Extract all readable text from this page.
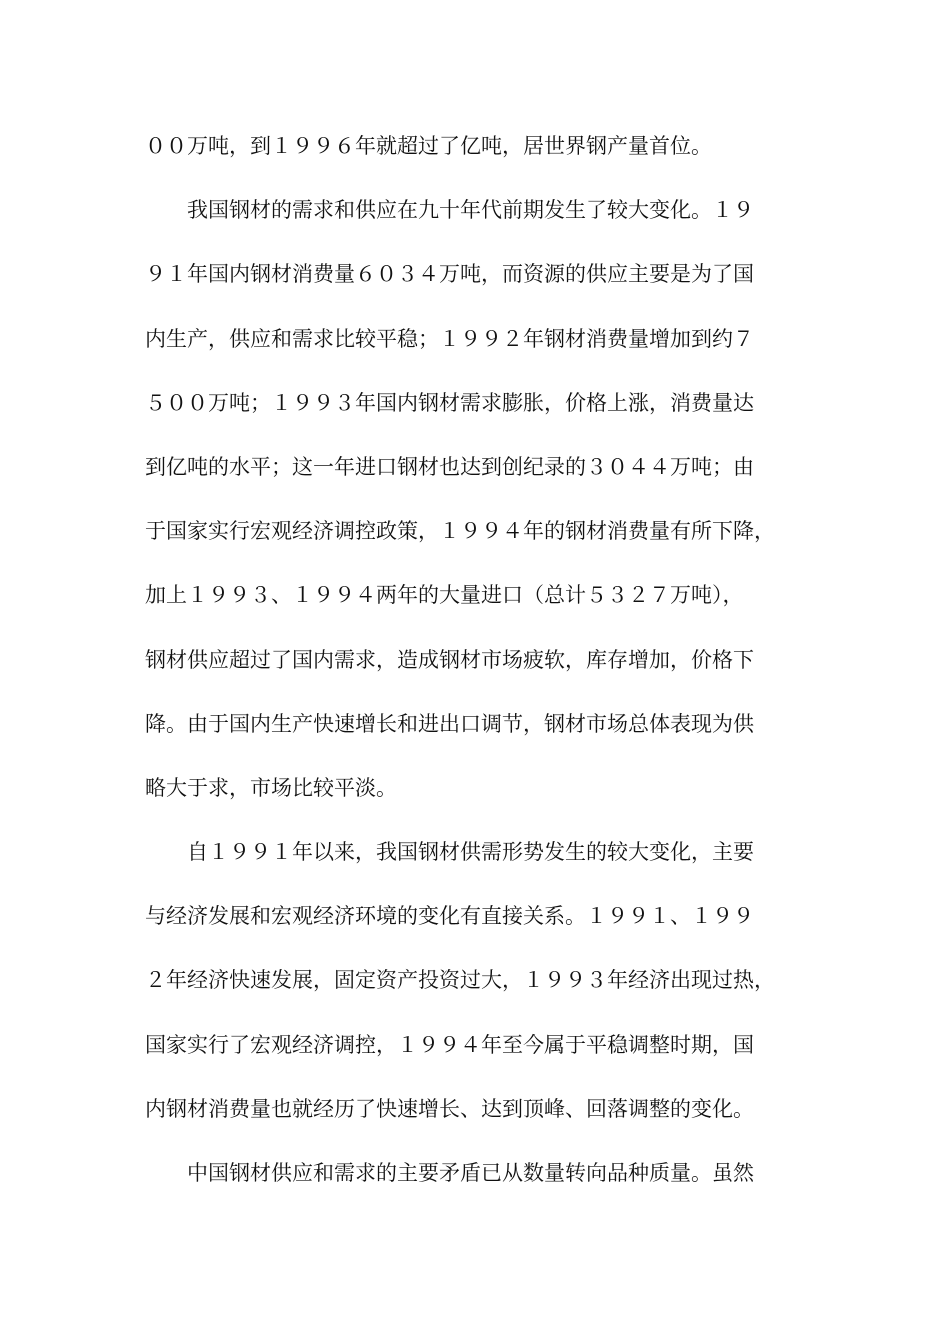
００万吨，到１９９６年就超过了亿吨，居世界钢产量首位。
　　我国钢材的需求和供应在九十年代前期发生了较大变化。１９
９１年国内钢材消费量６０３４万吨，而资源的供应主要是为了国
内生产，供应和需求比较平稳；１９９２年钢材消费量增加到约７
５００万吨；１９９３年国内钢材需求膨胀，价格上涨，消费量达
到亿吨的水平；这一年进口钢材也达到创纪录的３０４４万吨；由
于国家实行宏观经济调控政策，１９９４年的钢材消费量有所下降，
加上１９９３、１９９４两年的大量进口（总计５３２７万吨），
钢材供应超过了国内需求，造成钢材市场疲软，库存增加，价格下
降。由于国内生产快速增长和进出口调节，钢材市场总体表现为供
略大于求，市场比较平淡。
　　自１９９１年以来，我国钢材供需形势发生的较大变化，主要
与经济发展和宏观经济环境的变化有直接关系。１９９１、１９９
２年经济快速发展，固定资产投资过大，１９９３年经济出现过热，
国家实行了宏观经济调控，１９９４年至今属于平稳调整时期，国
内钢材消费量也就经历了快速增长、达到顶峰、回落调整的变化。
　　中国钢材供应和需求的主要矛盾已从数量转向品种质量。虽然
